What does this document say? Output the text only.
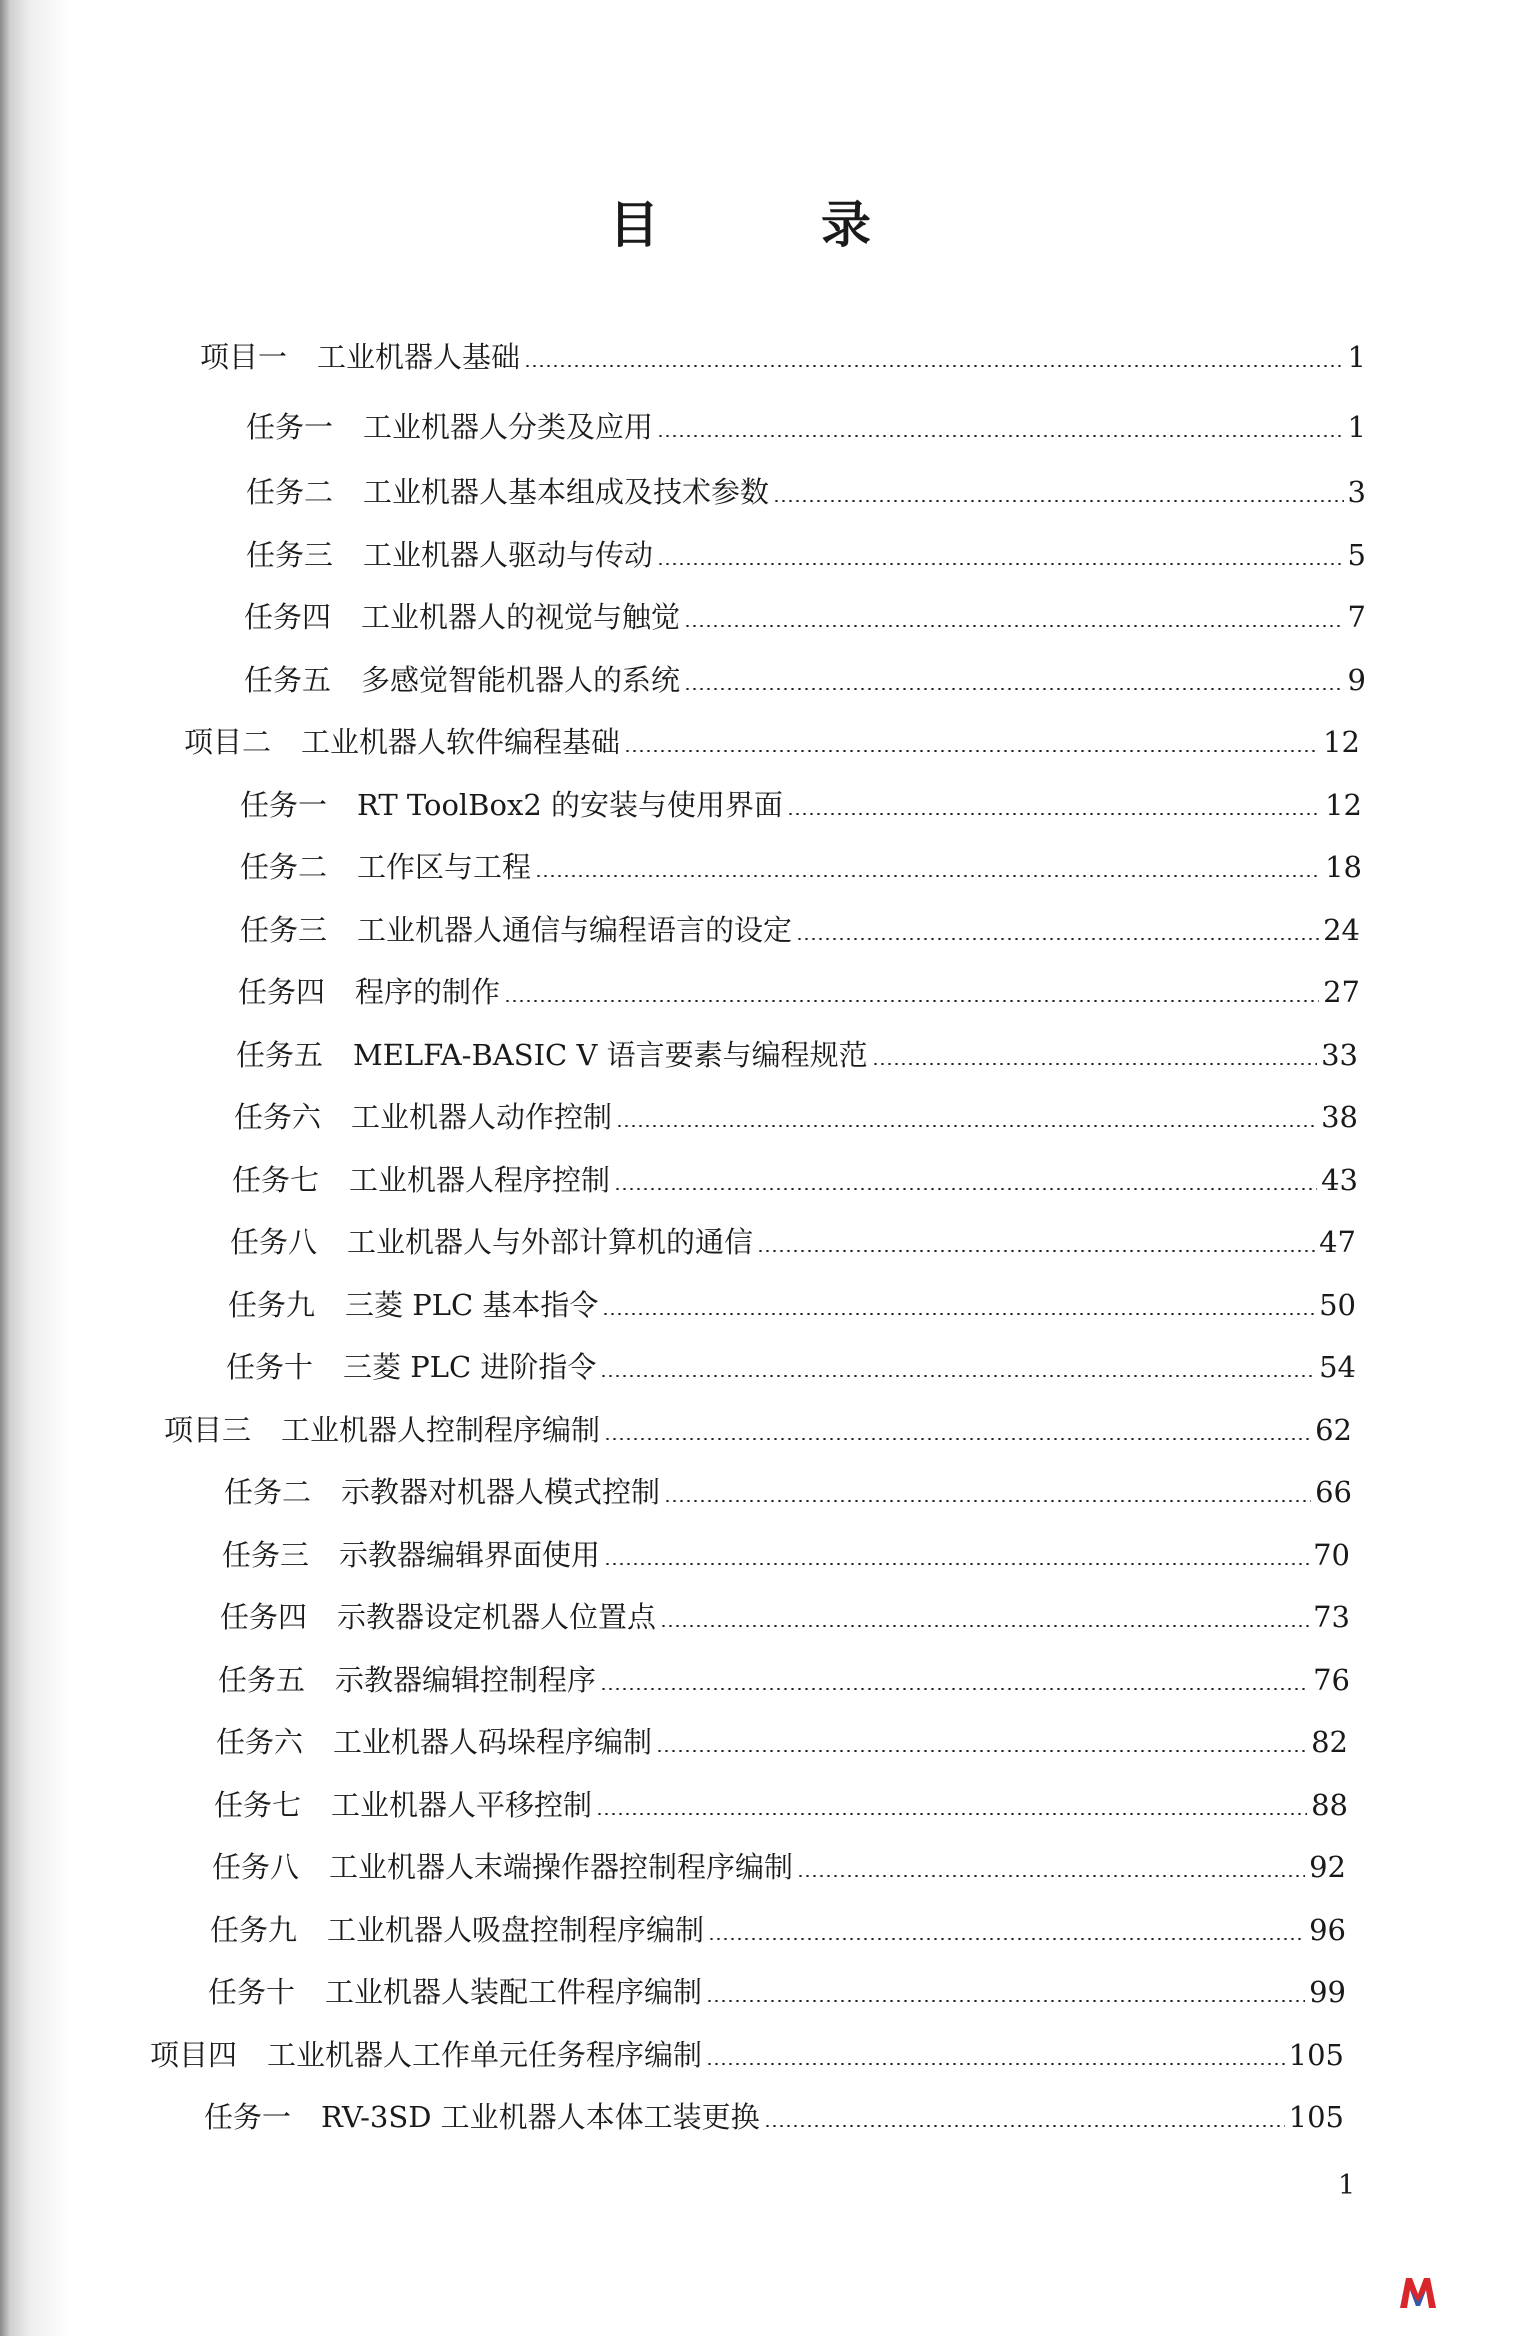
目　录
项目一 工业机器人基础	1
任务一 工业机器人分类及应用	1
任务二 工业机器人基本组成及技术参数	3
任务三 工业机器人驱动与传动	5
任务四 工业机器人的视觉与触觉	7
任务五 多感觉智能机器人的系统	9
项目二 工业机器人软件编程基础	12
任务一 RT ToolBox2 的安装与使用界面	12
任务二 工作区与工程	18
任务三 工业机器人通信与编程语言的设定	24
任务四 程序的制作	27
任务五 MELFA-BASIC V 语言要素与编程规范	33
任务六 工业机器人动作控制	38
任务七 工业机器人程序控制	43
任务八 工业机器人与外部计算机的通信	47
任务九 三菱 PLC 基本指令	50
任务十 三菱 PLC 进阶指令	54
项目三 工业机器人控制程序编制	62
任务二 示教器对机器人模式控制	66
任务三 示教器编辑界面使用	70
任务四 示教器设定机器人位置点	73
任务五 示教器编辑控制程序	76
任务六 工业机器人码垛程序编制	82
任务七 工业机器人平移控制	88
任务八 工业机器人末端操作器控制程序编制	92
任务九 工业机器人吸盘控制程序编制	96
任务十 工业机器人装配工件程序编制	99
项目四 工业机器人工作单元任务程序编制	105
任务一 RV-3SD 工业机器人本体工装更换	105
1
